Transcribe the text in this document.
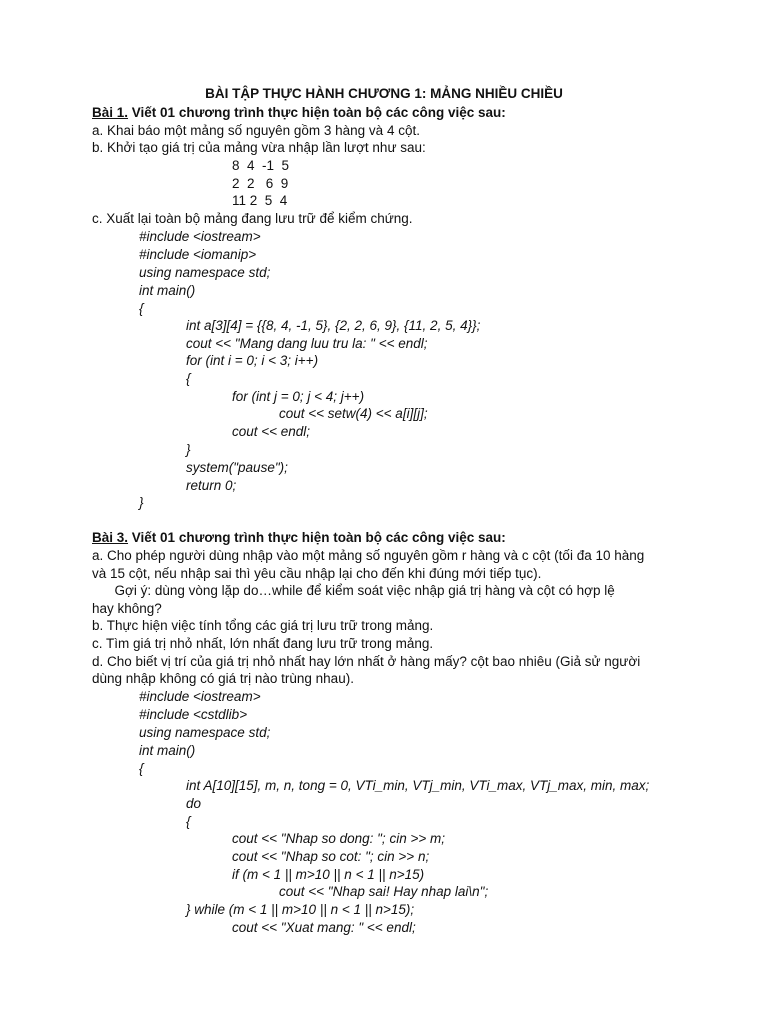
BÀI TẬP THỰC HÀNH CHƯƠNG 1: MẢNG NHIỀU CHIỀU
Bài 1. Viết 01 chương trình thực hiện toàn bộ các công việc sau:
a. Khai báo một mảng số nguyên gồm 3 hàng và 4 cột.
b. Khởi tạo giá trị của mảng vừa nhập lần lượt như sau:
8  4  -1  5
2  2   6  9
11 2  5  4
c. Xuất lại toàn bộ mảng đang lưu trữ để kiểm chứng.
#include <iostream>
#include <iomanip>
using namespace std;
int main()
{
int a[3][4] = {{8, 4, -1, 5}, {2, 2, 6, 9}, {11, 2, 5, 4}};
cout << "Mang dang luu tru la: " << endl;
for (int i = 0; i < 3; i++)
{
for (int j = 0; j < 4; j++)
cout << setw(4) << a[i][j];
cout << endl;
}
system("pause");
return 0;
}
Bài 3. Viết 01 chương trình thực hiện toàn bộ các công việc sau:
a. Cho phép người dùng nhập vào một mảng số nguyên gồm r hàng và c cột (tối đa 10 hàng
và 15 cột, nếu nhập sai thì yêu cầu nhập lại cho đến khi đúng mới tiếp tục).
Gợi ý: dùng vòng lặp do…while để kiểm soát việc nhập giá trị hàng và cột có hợp lệ
hay không?
b. Thực hiện việc tính tổng các giá trị lưu trữ trong mảng.
c. Tìm giá trị nhỏ nhất, lớn nhất đang lưu trữ trong mảng.
d. Cho biết vị trí của giá trị nhỏ nhất hay lớn nhất ở hàng mấy? cột bao nhiêu (Giả sử người
dùng nhập không có giá trị nào trùng nhau).
#include <iostream>
#include <cstdlib>
using namespace std;
int main()
{
int A[10][15], m, n, tong = 0, VTi_min, VTj_min, VTi_max, VTj_max, min, max;
do
{
cout << "Nhap so dong: "; cin >> m;
cout << "Nhap so cot: "; cin >> n;
if (m < 1 || m>10 || n < 1 || n>15)
cout << "Nhap sai! Hay nhap lai\n";
} while (m < 1 || m>10 || n < 1 || n>15);
cout << "Xuat mang: " << endl;
